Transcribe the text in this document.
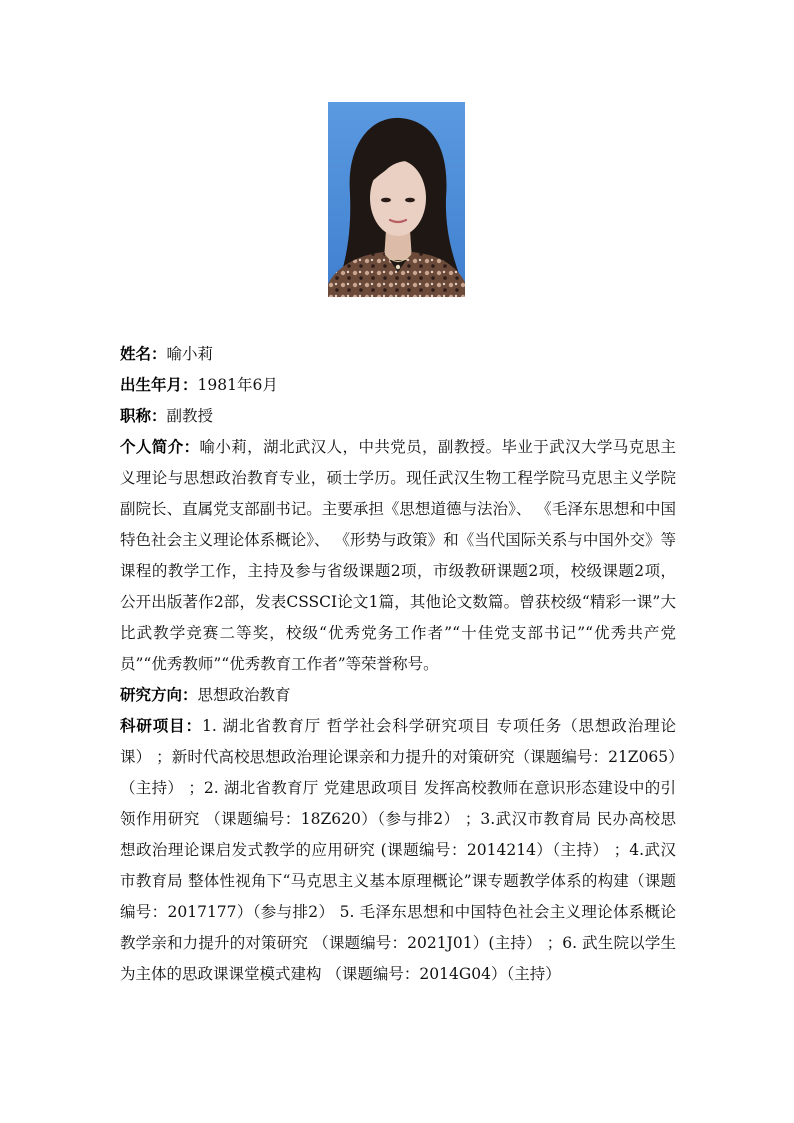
姓名：喻小莉

出生年月：1981年6月

职称：副教授

个人简介：喻小莉，湖北武汉人，中共党员，副教授。毕业于武汉大学马克思主义理论与思想政治教育专业，硕士学历。现任武汉生物工程学院马克思主义学院副院长、直属党支部副书记。主要承担《思想道德与法治》、 《毛泽东思想和中国特色社会主义理论体系概论》、 《形势与政策》和《当代国际关系与中国外交》等课程的教学工作，主持及参与省级课题2项，市级教研课题2项，校级课题2项，公开出版著作2部，发表CSSCI论文1篇，其他论文数篇。曾获校级“精彩一课”大比武教学竞赛二等奖，校级“优秀党务工作者”“十佳党支部书记”“优秀共产党员”“优秀教师”“优秀教育工作者”等荣誉称号。

研究方向：思想政治教育

科研项目：1. 湖北省教育厅 哲学社会科学研究项目 专项任务（思想政治理论课） ；新时代高校思想政治理论课亲和力提升的对策研究（课题编号：21Z065）（主持） ；2. 湖北省教育厅 党建思政项目 发挥高校教师在意识形态建设中的引领作用研究 （课题编号：18Z620）（参与排2） ；3.武汉市教育局 民办高校思想政治理论课启发式教学的应用研究 (课题编号：2014214）（主持） ；4.武汉市教育局 整体性视角下“马克思主义基本原理概论”课专题教学体系的构建（课题编号：2017177）（参与排2） 5. 毛泽东思想和中国特色社会主义理论体系概论教学亲和力提升的对策研究 （课题编号：2021J01）(主持） ；6. 武生院以学生为主体的思政课课堂模式建构 （课题编号：2014G04）（主持）
